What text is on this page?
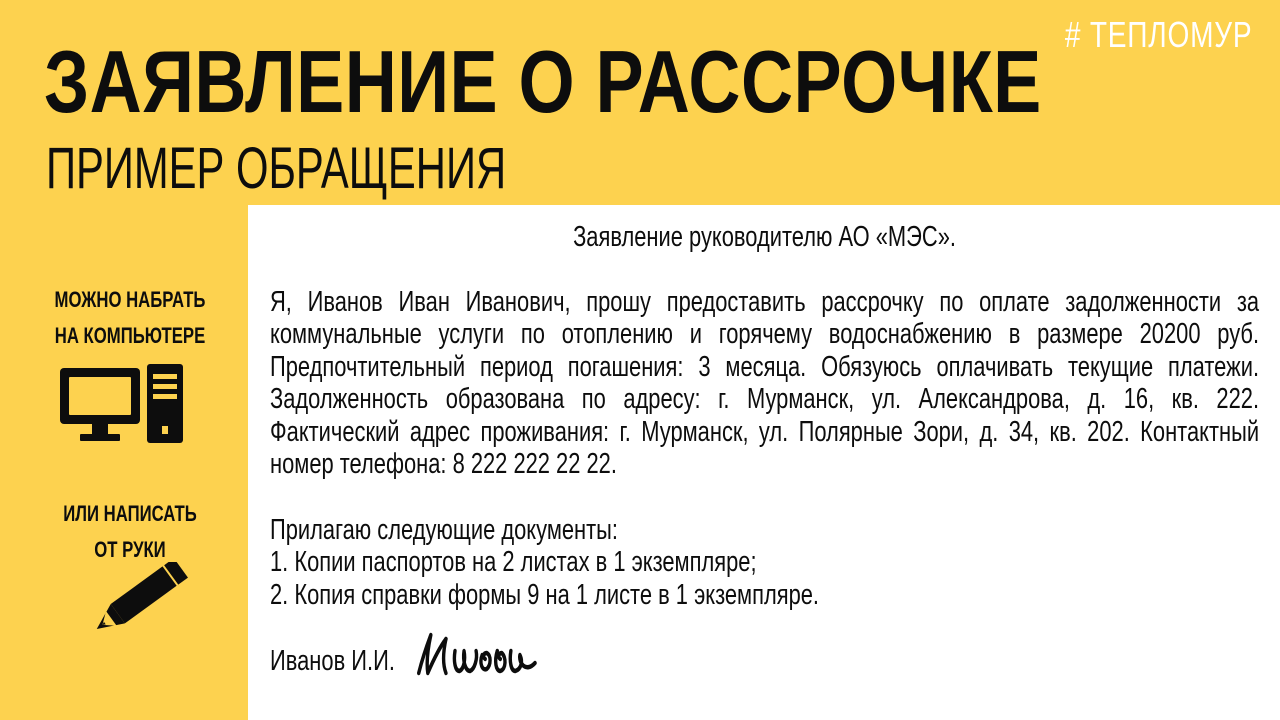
# ТЕПЛОМУР
ЗАЯВЛЕНИЕ О РАССРОЧКЕ
ПРИМЕР ОБРАЩЕНИЯ
МОЖНО НАБРАТЬ
НА КОМПЬЮТЕРЕ
ИЛИ НАПИСАТЬ
ОТ РУКИ

Заявление руководителю АО «МЭС».

Я, Иванов Иван Иванович, прошу предоставить рассрочку по оплате задолженности за коммунальные услуги по отоплению и горячему водоснабжению в размере 20200 руб. Предпочтительный период погашения: 3 месяца. Обязуюсь оплачивать текущие платежи. Задолженность образована по адресу: г. Мурманск, ул. Александрова, д. 16, кв. 222. Фактический адрес проживания: г. Мурманск, ул. Полярные Зори, д. 34, кв. 202. Контактный номер телефона: 8 222 222 22 22.

Прилагаю следующие документы:

1. Копии паспортов на 2 листах в 1 экземпляре;
2. Копия справки формы 9 на 1 листе в 1 экземпляре.
Иванов И.И.
